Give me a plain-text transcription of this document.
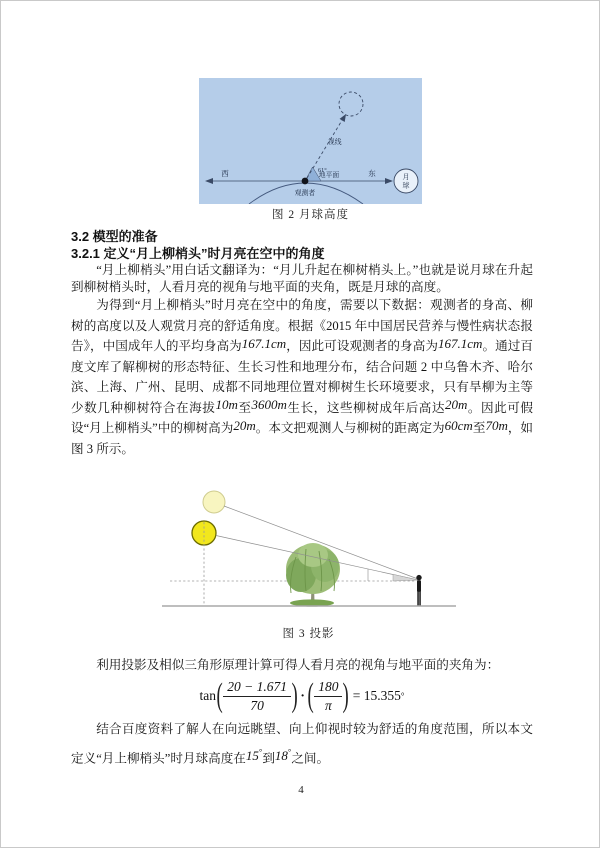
月
球
西	东
地平面
61°
视线
观测者
图 2 月球高度
3.2 模型的准备
3.2.1 定义“月上柳梢头”时月亮在空中的角度

“月上柳梢头”用白话文翻译为：“月儿升起在柳树梢头上。”也就是说月球在升起到柳树梢头时，人看月亮的视角与地平面的夹角，既是月球的高度。

为得到“月上柳梢头”时月亮在空中的角度，需要以下数据：观测者的身高、柳树的高度以及人观赏月亮的舒适角度。根据《2015 年中国居民营养与慢性病状态报告》，中国成年人的平均身高为167.1cm，因此可设观测者的身高为167.1cm。通过百度文库了解柳树的形态特征、生长习性和地理分布，结合问题 2 中乌鲁木齐、哈尔滨、上海、广州、昆明、成都不同地理位置对柳树生长环境要求，只有旱柳为主等少数几种柳树符合在海拔10m至3600m生长，这些柳树成年后高达20m。因此可假设“月上柳梢头”中的柳树高为20m。本文把观测人与柳树的距离定为60cm至70m，如图 3 所示。

图 3 投影

利用投影及相似三角形原理计算可得人看月亮的视角与地平面的夹角为：

tan ( $\frac{20 - 1.671}{70}$ ) · ( $\frac{180}{\pi}$ ) = 15.355 °

结合百度资料了解人在向远眺望、向上仰视时较为舒适的角度范围，所以本文定义“月上柳梢头”时月球高度在15°到18°之间。

4
